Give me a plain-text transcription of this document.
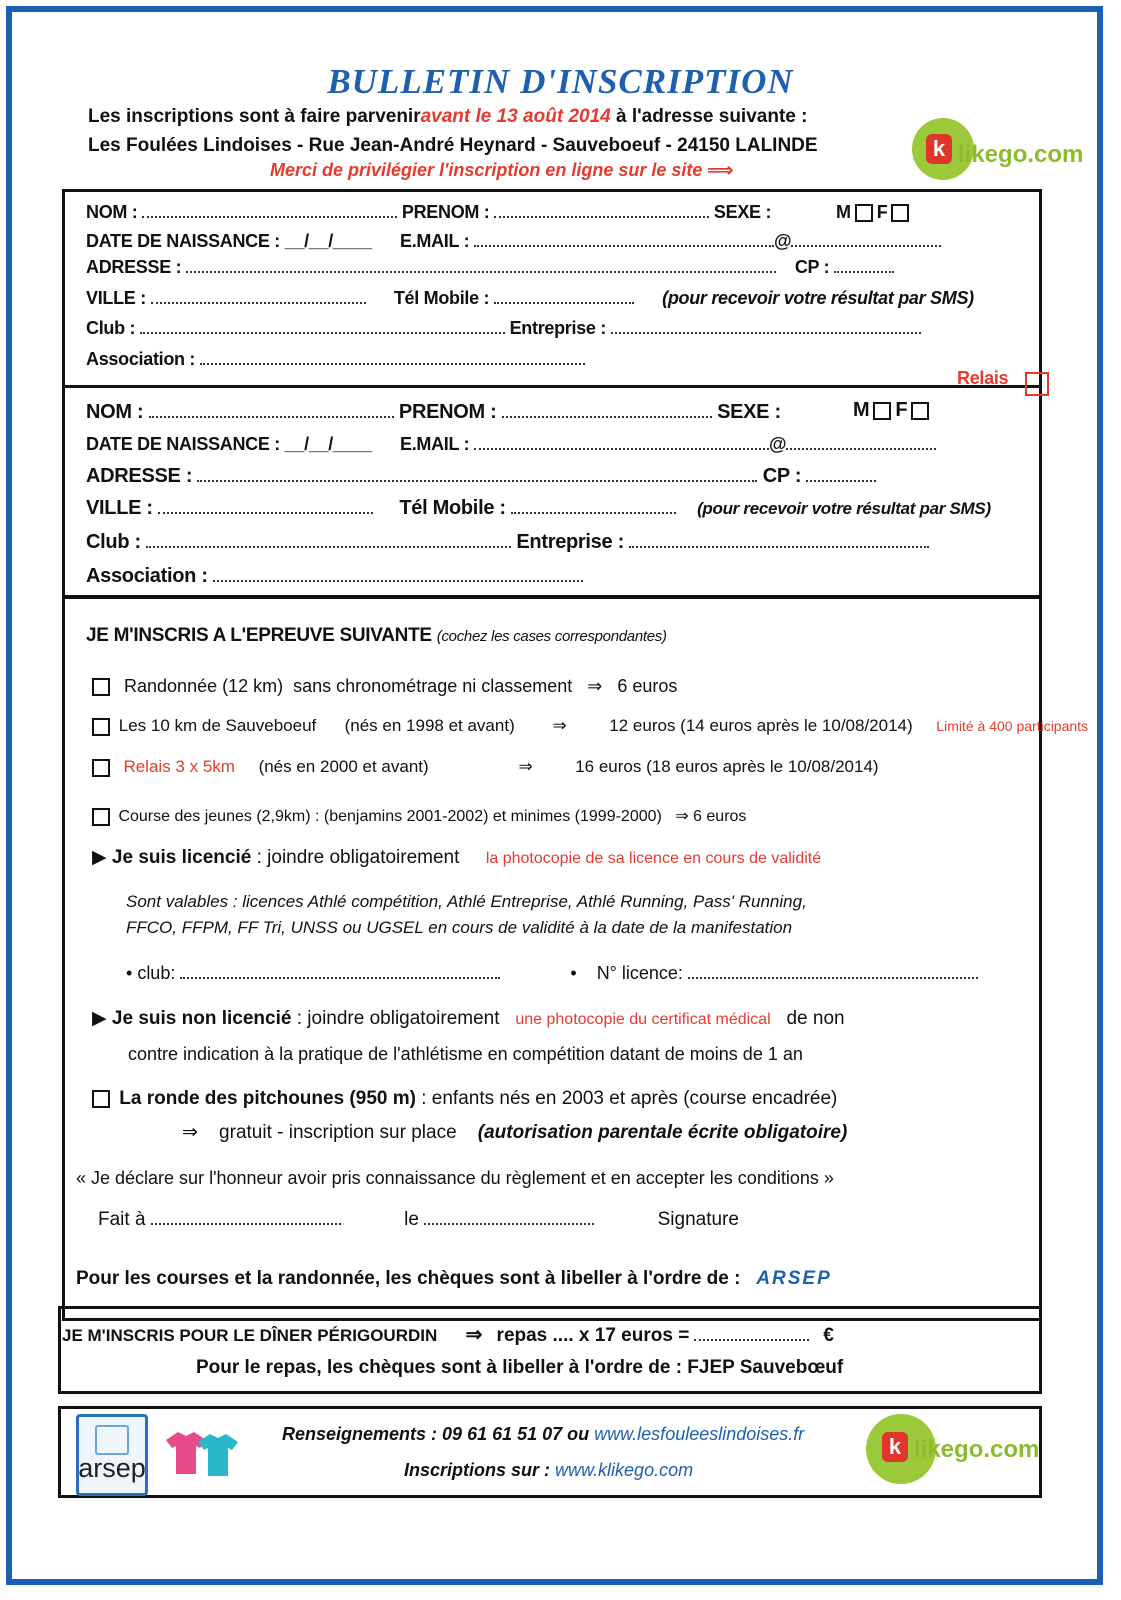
BULLETIN D'INSCRIPTION
Les inscriptions sont à faire parveniravant le 13 août 2014 à l'adresse suivante :
Les Foulées Lindoises - Rue Jean-André Heynard - Sauveboeuf - 24150 LALINDE
Merci de privilégier l'inscription en ligne sur le site ⟹
k likego.com
NOM :	PRENOM :	SEXE :	M F
DATE DE NAISSANCE : __/__/____ E.MAIL :	@
ADRESSE :	CP :
VILLE :	Tél Mobile :	(pour recevoir votre résultat par SMS)
Club :	Entreprise :
Association :
Relais
NOM :	PRENOM :	SEXE :	M F
DATE DE NAISSANCE : __/__/____ E.MAIL :	@
ADRESSE :	CP :
VILLE :	Tél Mobile :	(pour recevoir votre résultat par SMS)
Club :	Entreprise :
Association :
JE M'INSCRIS A L'EPREUVE SUIVANTE (cochez les cases correspondantes)
Randonnée (12 km) sans chronométrage ni classement ⇒ 6 euros
Les 10 km de Sauveboeuf (nés en 1998 et avant) ⇒	12 euros (14 euros après le 10/08/2014) Limité à 400 participants
Relais 3 x 5km (nés en 2000 et avant)	⇒	16 euros (18 euros après le 10/08/2014)
Course des jeunes (2,9km) : (benjamins 2001-2002) et minimes (1999-2000) ⇒ 6 euros
▶ Je suis licencié : joindre obligatoirement la photocopie de sa licence en cours de validité
Sont valables : licences Athlé compétition, Athlé Entreprise, Athlé Running, Pass' Running,
FFCO, FFPM, FF Tri, UNSS ou UGSEL en cours de validité à la date de la manifestation
• club:	•    N° licence:
▶ Je suis non licencié : joindre obligatoirement une photocopie du certificat médical de non
contre indication à la pratique de l'athlétisme en compétition datant de moins de 1 an
La ronde des pitchounes (950 m) : enfants nés en 2003 et après (course encadrée)
⇒ gratuit - inscription sur place (autorisation parentale écrite obligatoire)
« Je déclare sur l'honneur avoir pris connaissance du règlement et en accepter les conditions »
Fait à	le	Signature
Pour les courses et la randonnée, les chèques sont à libeller à l'ordre de : ARSEP
JE M'INSCRIS POUR LE DÎNER PÉRIGOURDIN ⇒ repas .... x 17 euros =	€
Pour le repas, les chèques sont à libeller à l'ordre de : FJEP Sauvebœuf
arsep
Renseignements : 09 61 61 51 07 ou www.lesfouleeslindoises.fr
Inscriptions sur : www.klikego.com
k likego.com
